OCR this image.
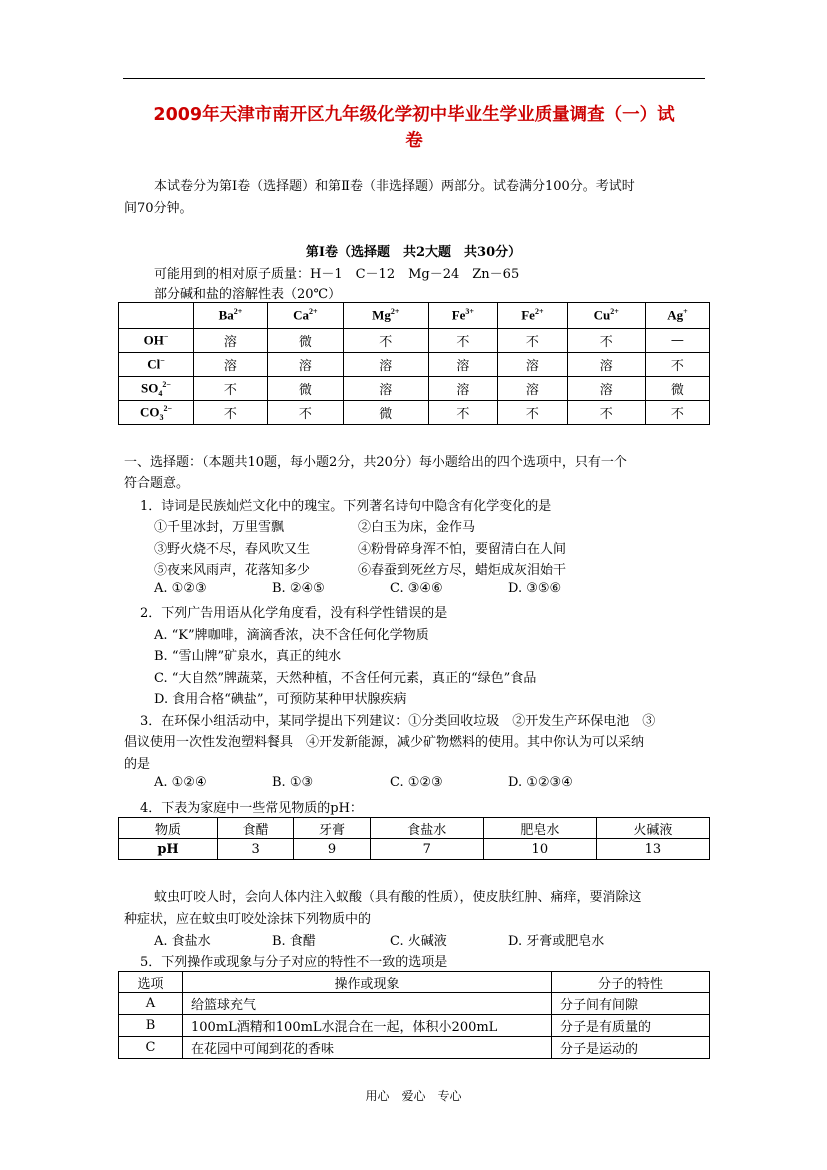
2009年天津市南开区九年级化学初中毕业生学业质量调查（一）试
卷
本试卷分为第Ⅰ卷（选择题）和第Ⅱ卷（非选择题）两部分。试卷满分100分。考试时
间70分钟。
第Ⅰ卷（选择题　共2大题　共30分）
可能用到的相对原子质量：H－1　C－12　Mg－24　Zn－65
部分碱和盐的溶解性表（20℃）
	$Ba^{2+}$	$Ca^{2+}$	$Mg^{2+}$	$Fe^{3+}$	$Fe^{2+}$	$Cu^{2+}$	Ag+
OH−	溶	微	不	不	不	不	—
Cl−	溶	溶	溶	溶	溶	溶	不
$SO_4^{2-}$	不	微	溶	溶	溶	溶	微
$CO_3^{2-}$	不	不	微	不	不	不	不
一、选择题：（本题共10题，每小题2分，共20分）每小题给出的四个选项中，只有一个
符合题意。
1．诗词是民族灿烂文化中的瑰宝。下列著名诗句中隐含有化学变化的是
①千里冰封，万里雪飘	②白玉为床，金作马
③野火烧不尽，春风吹又生	④粉骨碎身浑不怕，要留清白在人间
⑤夜来风雨声，花落知多少	⑥春蚕到死丝方尽，蜡炬成灰泪始干
A. ①②③	B. ②④⑤	C. ③④⑥	D. ③⑤⑥
2．下列广告用语从化学角度看，没有科学性错误的是
A. “K”牌咖啡，滴滴香浓，决不含任何化学物质
B. “雪山牌”矿泉水，真正的纯水
C. “大自然”牌蔬菜，天然种植，不含任何元素，真正的“绿色”食品
D. 食用合格“碘盐”，可预防某种甲状腺疾病
3．在环保小组活动中，某同学提出下列建议：①分类回收垃圾　②开发生产环保电池　③
倡议使用一次性发泡塑料餐具　④开发新能源，减少矿物燃料的使用。其中你认为可以采纳
的是
A. ①②④	B. ①③	C. ①②③	D. ①②③④
4．下表为家庭中一些常见物质的pH：
物质	食醋	牙膏	食盐水	肥皂水	火碱液
pH	3	9	7	10	13
蚊虫叮咬人时，会向人体内注入蚁酸（具有酸的性质），使皮肤红肿、痛痒，要消除这
种症状，应在蚊虫叮咬处涂抹下列物质中的
A. 食盐水	B. 食醋	C. 火碱液	D. 牙膏或肥皂水
5．下列操作或现象与分子对应的特性不一致的选项是
选项	操作或现象	分子的特性
A	给篮球充气	分子间有间隙
B	100mL酒精和100mL水混合在一起，体积小200mL	分子是有质量的
C	在花园中可闻到花的香味	分子是运动的
用心　爱心　专心
